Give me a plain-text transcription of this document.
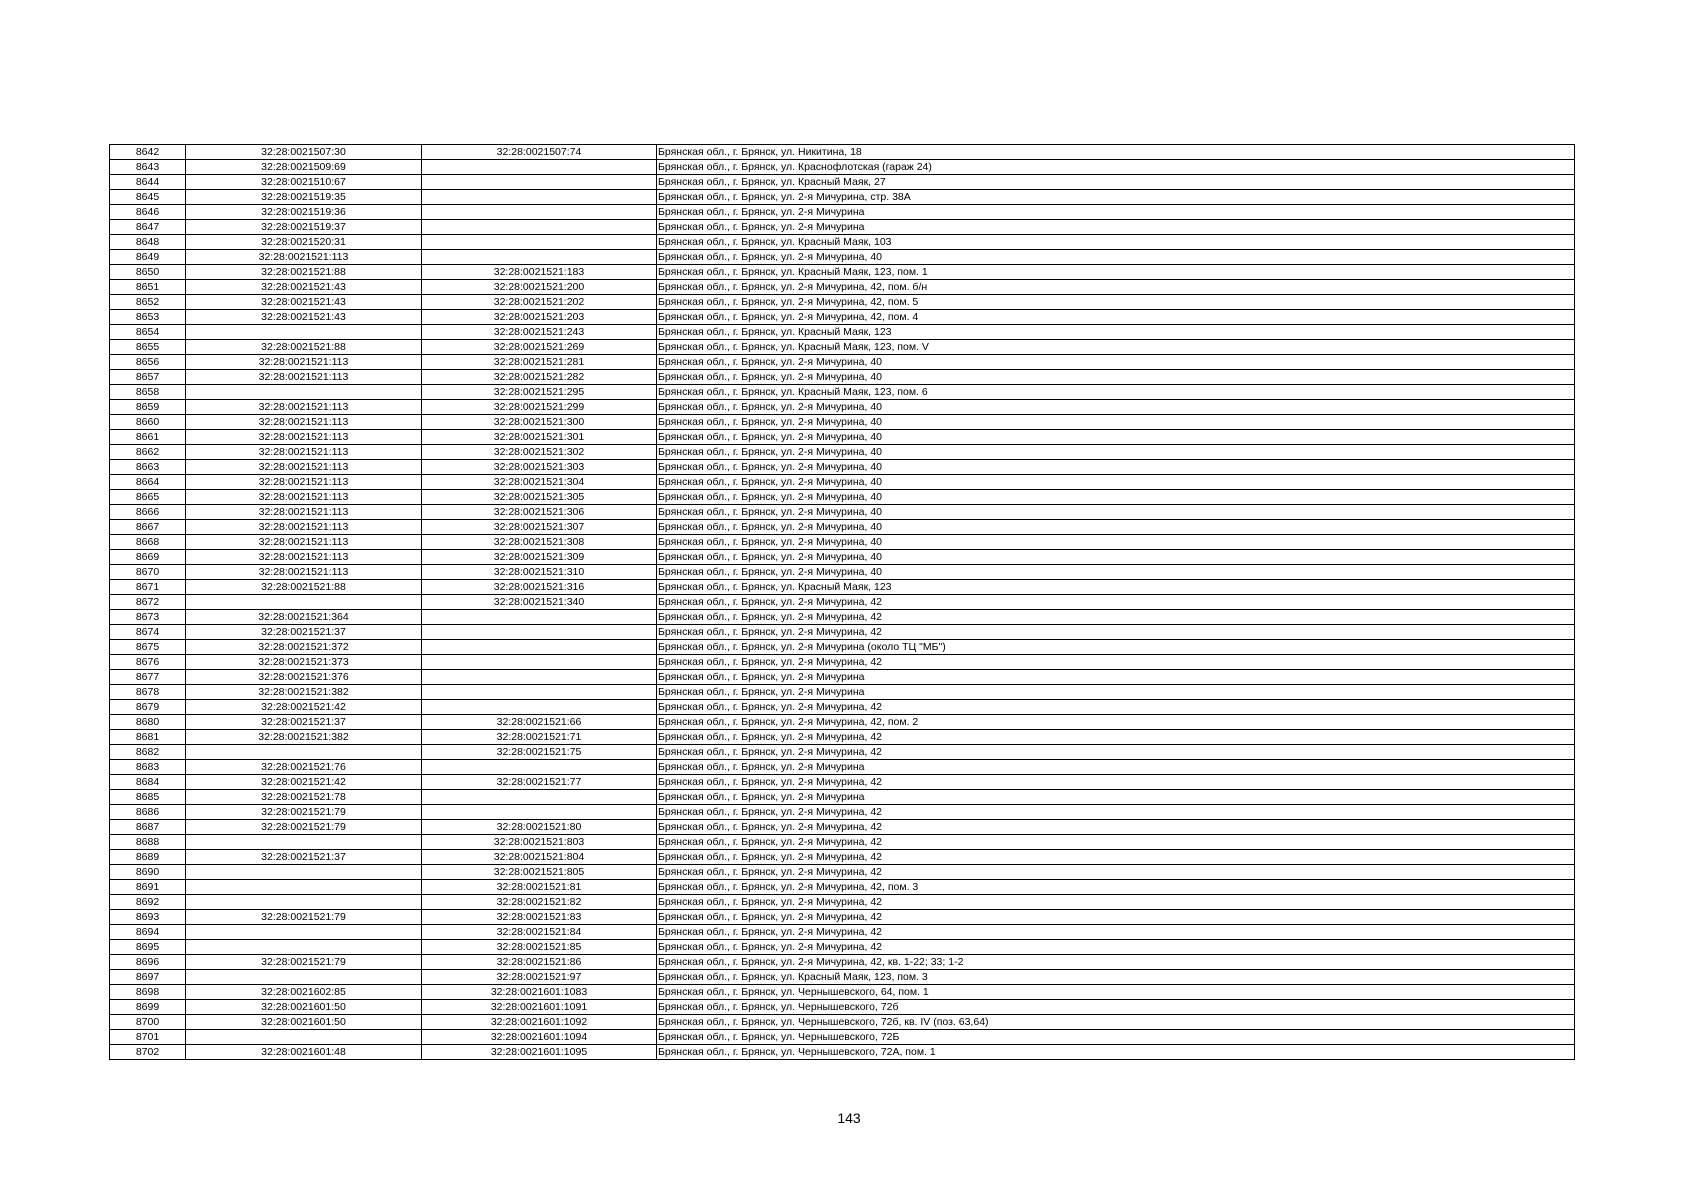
8642	32:28:0021507:30	32:28:0021507:74	Брянская обл., г. Брянск, ул. Никитина, 18
8643	32:28:0021509:69		Брянская обл., г. Брянск, ул. Краснофлотская (гараж 24)
8644	32:28:0021510:67		Брянская обл., г. Брянск, ул. Красный Маяк, 27
8645	32:28:0021519:35		Брянская обл., г. Брянск, ул. 2-я Мичурина, стр. 38А
8646	32:28:0021519:36		Брянская обл., г. Брянск, ул. 2-я Мичурина
8647	32:28:0021519:37		Брянская обл., г. Брянск, ул. 2-я Мичурина
8648	32:28:0021520:31		Брянская обл., г. Брянск, ул. Красный Маяк, 103
8649	32:28:0021521:113		Брянская обл., г. Брянск, ул. 2-я Мичурина, 40
8650	32:28:0021521:88	32:28:0021521:183	Брянская обл., г. Брянск, ул. Красный Маяк, 123, пом. 1
8651	32:28:0021521:43	32:28:0021521:200	Брянская обл., г. Брянск, ул. 2-я Мичурина, 42, пом. б/н
8652	32:28:0021521:43	32:28:0021521:202	Брянская обл., г. Брянск, ул. 2-я Мичурина, 42, пом. 5
8653	32:28:0021521:43	32:28:0021521:203	Брянская обл., г. Брянск, ул. 2-я Мичурина, 42, пом. 4
8654		32:28:0021521:243	Брянская обл., г. Брянск, ул. Красный Маяк, 123
8655	32:28:0021521:88	32:28:0021521:269	Брянская обл., г. Брянск, ул. Красный Маяк, 123, пом. V
8656	32:28:0021521:113	32:28:0021521:281	Брянская обл., г. Брянск, ул. 2-я Мичурина, 40
8657	32:28:0021521:113	32:28:0021521:282	Брянская обл., г. Брянск, ул. 2-я Мичурина, 40
8658		32:28:0021521:295	Брянская обл., г. Брянск, ул. Красный Маяк, 123, пом. 6
8659	32:28:0021521:113	32:28:0021521:299	Брянская обл., г. Брянск, ул. 2-я Мичурина, 40
8660	32:28:0021521:113	32:28:0021521:300	Брянская обл., г. Брянск, ул. 2-я Мичурина, 40
8661	32:28:0021521:113	32:28:0021521:301	Брянская обл., г. Брянск, ул. 2-я Мичурина, 40
8662	32:28:0021521:113	32:28:0021521:302	Брянская обл., г. Брянск, ул. 2-я Мичурина, 40
8663	32:28:0021521:113	32:28:0021521:303	Брянская обл., г. Брянск, ул. 2-я Мичурина, 40
8664	32:28:0021521:113	32:28:0021521:304	Брянская обл., г. Брянск, ул. 2-я Мичурина, 40
8665	32:28:0021521:113	32:28:0021521:305	Брянская обл., г. Брянск, ул. 2-я Мичурина, 40
8666	32:28:0021521:113	32:28:0021521:306	Брянская обл., г. Брянск, ул. 2-я Мичурина, 40
8667	32:28:0021521:113	32:28:0021521:307	Брянская обл., г. Брянск, ул. 2-я Мичурина, 40
8668	32:28:0021521:113	32:28:0021521:308	Брянская обл., г. Брянск, ул. 2-я Мичурина, 40
8669	32:28:0021521:113	32:28:0021521:309	Брянская обл., г. Брянск, ул. 2-я Мичурина, 40
8670	32:28:0021521:113	32:28:0021521:310	Брянская обл., г. Брянск, ул. 2-я Мичурина, 40
8671	32:28:0021521:88	32:28:0021521:316	Брянская обл., г. Брянск, ул. Красный Маяк, 123
8672		32:28:0021521:340	Брянская обл., г. Брянск, ул. 2-я Мичурина, 42
8673	32:28:0021521:364		Брянская обл., г. Брянск, ул. 2-я Мичурина, 42
8674	32:28:0021521:37		Брянская обл., г. Брянск, ул. 2-я Мичурина, 42
8675	32:28:0021521:372		Брянская обл., г. Брянск, ул. 2-я Мичурина (около ТЦ "МБ")
8676	32:28:0021521:373		Брянская обл., г. Брянск, ул. 2-я Мичурина, 42
8677	32:28:0021521:376		Брянская обл., г. Брянск, ул. 2-я Мичурина
8678	32:28:0021521:382		Брянская обл., г. Брянск, ул. 2-я Мичурина
8679	32:28:0021521:42		Брянская обл., г. Брянск, ул. 2-я Мичурина, 42
8680	32:28:0021521:37	32:28:0021521:66	Брянская обл., г. Брянск, ул. 2-я Мичурина, 42, пом. 2
8681	32:28:0021521:382	32:28:0021521:71	Брянская обл., г. Брянск, ул. 2-я Мичурина, 42
8682		32:28:0021521:75	Брянская обл., г. Брянск, ул. 2-я Мичурина, 42
8683	32:28:0021521:76		Брянская обл., г. Брянск, ул. 2-я Мичурина
8684	32:28:0021521:42	32:28:0021521:77	Брянская обл., г. Брянск, ул. 2-я Мичурина, 42
8685	32:28:0021521:78		Брянская обл., г. Брянск, ул. 2-я Мичурина
8686	32:28:0021521:79		Брянская обл., г. Брянск, ул. 2-я Мичурина, 42
8687	32:28:0021521:79	32:28:0021521:80	Брянская обл., г. Брянск, ул. 2-я Мичурина, 42
8688		32:28:0021521:803	Брянская обл., г. Брянск, ул. 2-я Мичурина, 42
8689	32:28:0021521:37	32:28:0021521:804	Брянская обл., г. Брянск, ул. 2-я Мичурина, 42
8690		32:28:0021521:805	Брянская обл., г. Брянск, ул. 2-я Мичурина, 42
8691		32:28:0021521:81	Брянская обл., г. Брянск, ул. 2-я Мичурина, 42, пом. 3
8692		32:28:0021521:82	Брянская обл., г. Брянск, ул. 2-я Мичурина, 42
8693	32:28:0021521:79	32:28:0021521:83	Брянская обл., г. Брянск, ул. 2-я Мичурина, 42
8694		32:28:0021521:84	Брянская обл., г. Брянск, ул. 2-я Мичурина, 42
8695		32:28:0021521:85	Брянская обл., г. Брянск, ул. 2-я Мичурина, 42
8696	32:28:0021521:79	32:28:0021521:86	Брянская обл., г. Брянск, ул. 2-я Мичурина, 42, кв. 1-22; 33; 1-2
8697		32:28:0021521:97	Брянская обл., г. Брянск, ул. Красный Маяк, 123, пом. 3
8698	32:28:0021602:85	32:28:0021601:1083	Брянская обл., г. Брянск, ул. Чернышевского, 64, пом. 1
8699	32:28:0021601:50	32:28:0021601:1091	Брянская обл., г. Брянск, ул. Чернышевского, 72б
8700	32:28:0021601:50	32:28:0021601:1092	Брянская обл., г. Брянск, ул. Чернышевского, 72б, кв. IV (поз. 63,64)
8701		32:28:0021601:1094	Брянская обл., г. Брянск, ул. Чернышевского, 72Б
8702	32:28:0021601:48	32:28:0021601:1095	Брянская обл., г. Брянск, ул. Чернышевского, 72А, пом. 1
143
